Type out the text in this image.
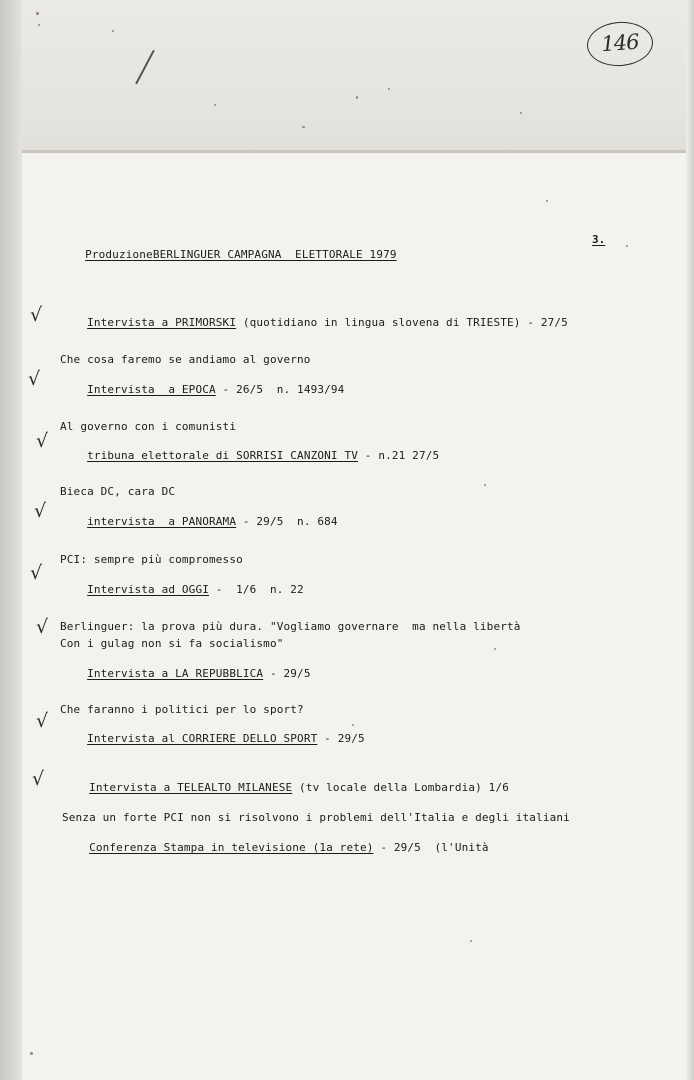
146

ProduzioneBERLINGUER CAMPAGNA  ELETTORALE 1979

3.
√	Intervista a PRIMORSKI (quotidiano in lingua slovena di TRIESTE) - 27/5

√
Che cosa faremo se andiamo al governo

Intervista  a EPOCA - 26/5  n. 1493/94

√
Al governo con i comunisti

tribuna elettorale di SORRISI CANZONI TV - n.21 27/5

√
Bieca DC, cara DC

intervista  a PANORAMA - 29/5  n. 684

√
PCI: sempre più compromesso

Intervista ad OGGI -  1/6  n. 22

√ Berlinguer: la prova più dura. "Vogliamo governare  ma nella libertà
Con i gulag non si fa socialismo"

Intervista a LA REPUBBLICA - 29/5

√
Che faranno i politici per lo sport?

Intervista al CORRIERE DELLO SPORT - 29/5

√	Intervista a TELEALTO MILANESE (tv locale della Lombardia) 1/6

Senza un forte PCI non si risolvono i problemi dell'Italia e degli italiani

Conferenza Stampa in televisione (1a rete) - 29/5  (l'Unità
